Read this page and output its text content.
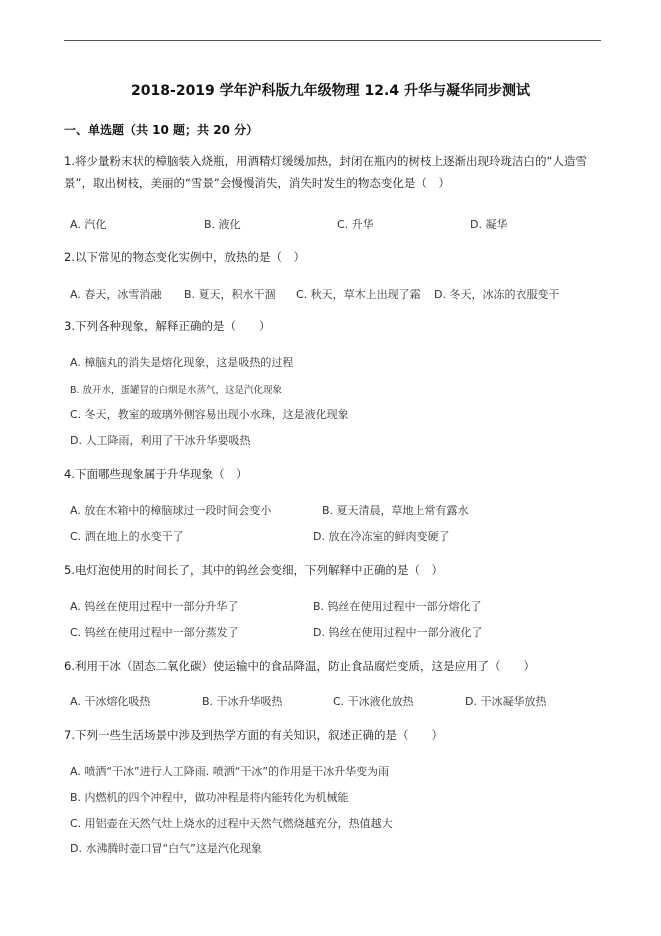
2018-2019 学年沪科版九年级物理 12.4 升华与凝华同步测试
一、单选题（共 10 题；共 20 分）
1.将少量粉末状的樟脑装入烧瓶，用酒精灯缓缓加热，封闭在瓶内的树枝上逐渐出现玲珑洁白的“人造雪
景”，取出树枝，美丽的“雪景”会慢慢消失，消失时发生的物态变化是（　）
A. 汽化	B. 液化	C. 升华	D. 凝华
2.以下常见的物态变化实例中，放热的是（　）
A. 春天，冰雪消融 B. 夏天，积水干涸 C. 秋天，草木上出现了霜 D. 冬天，冰冻的衣服变干
3.下列各种现象，解释正确的是（　　）
A. 樟脑丸的消失是熔化现象，这是吸热的过程
B. 放开水，蛋罐冒的白烟是水蒸气，这是汽化现象
C. 冬天，教室的玻璃外侧容易出现小水珠，这是液化现象
D. 人工降雨，利用了干冰升华要吸热
4.下面哪些现象属于升华现象（　）
A. 放在木箱中的樟脑球过一段时间会变小	B. 夏天清晨，草地上常有露水
C. 洒在地上的水变干了	D. 放在冷冻室的鲜肉变硬了
5.电灯泡使用的时间长了，其中的钨丝会变细，下列解释中正确的是（　）
A. 钨丝在使用过程中一部分升华了	B. 钨丝在使用过程中一部分熔化了
C. 钨丝在使用过程中一部分蒸发了	D. 钨丝在使用过程中一部分液化了
6.利用干冰（固态二氧化碳）使运输中的食品降温，防止食品腐烂变质，这是应用了（　　）
A. 干冰熔化吸热	B. 干冰升华吸热	C. 干冰液化放热	D. 干冰凝华放热
7.下列一些生活场景中涉及到热学方面的有关知识，叙述正确的是（　　）
A. 喷洒“干冰”进行人工降雨. 喷洒“干冰”的作用是干冰升华变为雨
B. 内燃机的四个冲程中，做功冲程是将内能转化为机械能
C. 用铝壶在天然气灶上烧水的过程中天然气燃烧越充分，热值越大
D. 水沸腾时壶口冒“白气”这是汽化现象
